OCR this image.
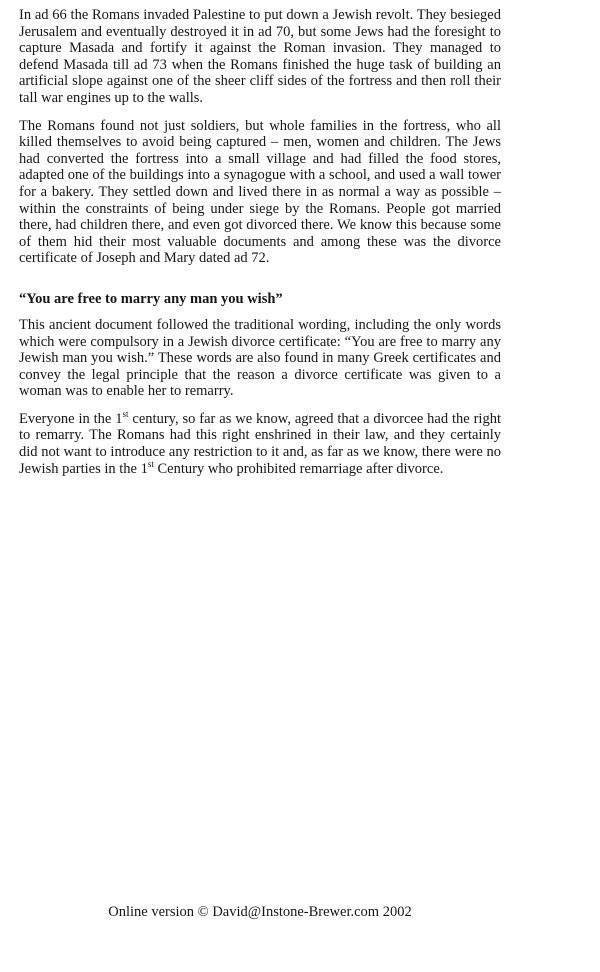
In ad 66 the Romans invaded Palestine to put down a Jewish revolt. They besieged Jerusalem and eventually destroyed it in ad 70, but some Jews had the foresight to capture Masada and fortify it against the Roman invasion. They managed to defend Masada till ad 73 when the Romans finished the huge task of building an artificial slope against one of the sheer cliff sides of the fortress and then roll their tall war engines up to the walls.

The Romans found not just soldiers, but whole families in the fortress, who all killed themselves to avoid being captured – men, women and children. The Jews had converted the fortress into a small village and had filled the food stores, adapted one of the buildings into a synagogue with a school, and used a wall tower for a bakery. They settled down and lived there in as normal a way as possible – within the constraints of being under siege by the Romans. People got married there, had children there, and even got divorced there. We know this because some of them hid their most valuable documents and among these was the divorce certificate of Joseph and Mary dated ad 72.

“You are free to marry any man you wish”

This ancient document followed the traditional wording, including the only words which were compulsory in a Jewish divorce certificate: “You are free to marry any Jewish man you wish.” These words are also found in many Greek certificates and convey the legal principle that the reason a divorce certificate was given to a woman was to enable her to remarry.

Everyone in the 1st century, so far as we know, agreed that a divorcee had the right to remarry. The Romans had this right enshrined in their law, and they certainly did not want to introduce any restriction to it and, as far as we know, there were no Jewish parties in the 1st Century who prohibited remarriage after divorce.

Online version © David@Instone-Brewer.com 2002
